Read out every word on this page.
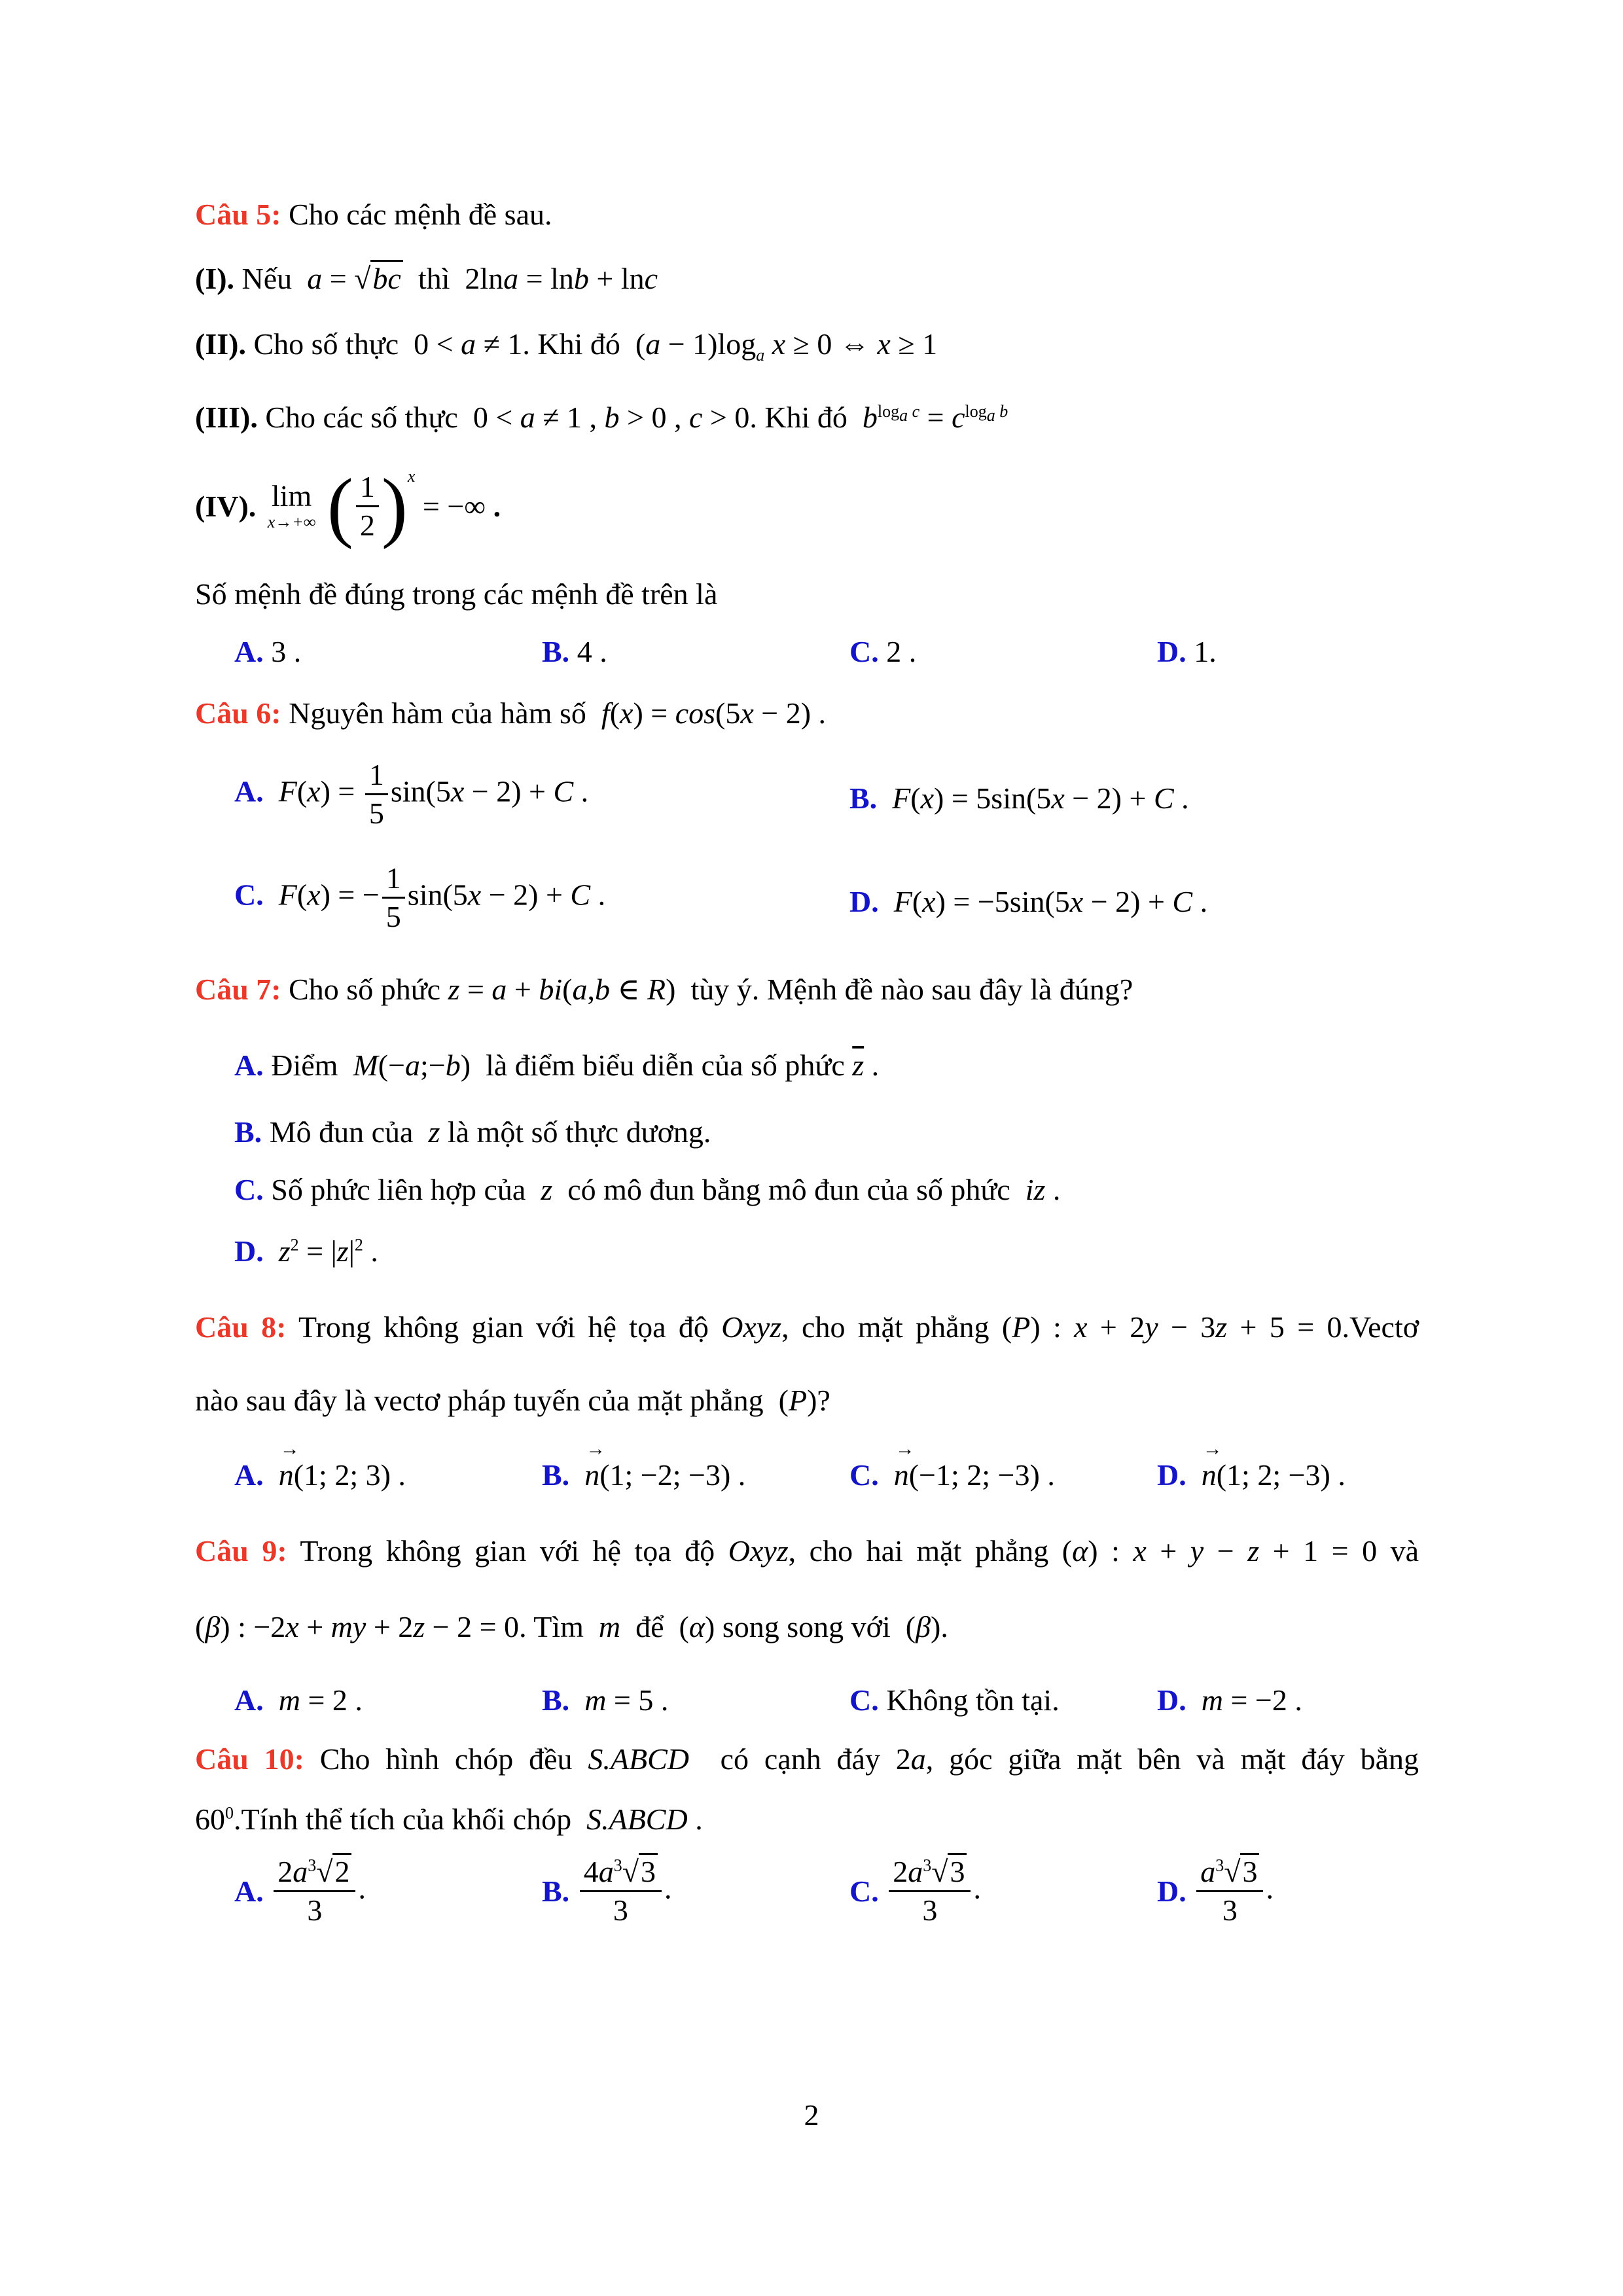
Câu 5: Cho các mệnh đề sau.
(I). Nếu a = √bc thì  2lna = lnb + lnc
(II). Cho số thực  0 < a ≠ 1. Khi đó  $(a - 1)\log_a$ x ≥ 0 ⇔ x ≥ 1
(III). Cho các số thực  0 < a ≠ 1 , b > 0 , c > 0. Khi đó $b^{log_a c} = c^{log_a b}$
(IV). lim
x→+∞ ( $\frac{1}{2} )^x$ = −∞ .
Số mệnh đề đúng trong các mệnh đề trên là
A. 3 .	B. 4 .	C. 2 .	D. 1.
Câu 6: Nguyên hàm của hàm số f(x) = cos(5x − 2) .
A. $F(x) = \frac{1}{5} \sin(5x - 2) + C$ .	B. F(x) = 5sin(5x − 2) + C .
C. F(x) = − $\frac{1}{5} \sin(5x - 2) + C$ .	D. F(x) = −5sin(5x − 2) + C .
Câu 7: Cho số phức z = a + bi(a,b ∈ R)  tùy ý. Mệnh đề nào sau đây là đúng?
A. Điểm M(−a;−b)  là điểm biểu diễn của số phức $\overline{z}$ .
B. Mô đun của z là một số thực dương.
C. Số phức liên hợp của z có mô đun bằng mô đun của số phức iz .
D. $z^2 = |z|^2$ .
Câu 8: Trong không gian với hệ tọa độ Oxyz, cho mặt phẳng (P) : x + 2y − 3z + 5 = 0.Vectơ
nào sau đây là vectơ pháp tuyến của mặt phẳng  (P)?
A. → n(1; 2; 3) .	B. → n(1; −2; −3) .	C. → n(−1; 2; −3) .	D. → n(1; 2; −3) .
Câu 9: Trong không gian với hệ tọa độ Oxyz, cho hai mặt phẳng (α) : x + y − z + 1 = 0 và
(β) : −2x + my + 2z − 2 = 0. Tìm m để  (α) song song với  (β).
A. m = 2 .	B. m = 5 .	C. Không tồn tại.	D. m = −2 .
Câu 10: Cho hình chóp đều S.ABCD có cạnh đáy 2a, góc giữa mặt bên và mặt đáy bằng
$60^0.Tính$ thể tích của khối chóp S.ABCD .
A. $\frac{2a^3√2}{3}$ .	B. $\frac{4a^3√3}{3}$ .	C. $\frac{2a^3√3}{3}$ .	D. $\frac{a^3√3}{3}$ .
2
